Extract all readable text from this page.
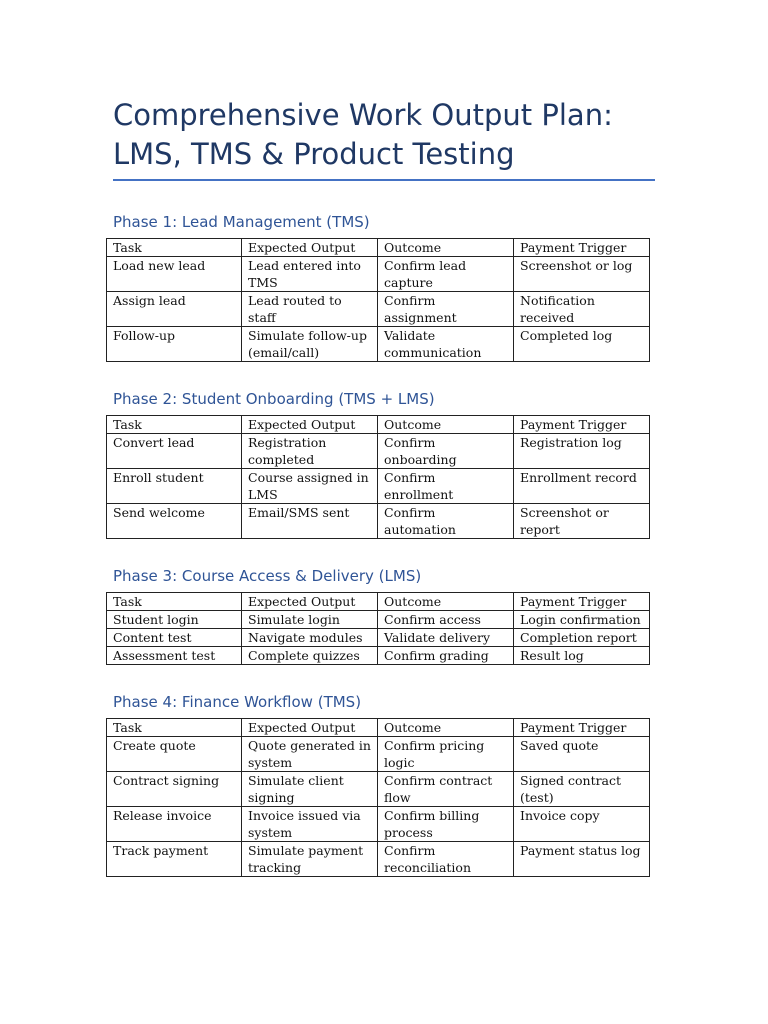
Comprehensive Work Output Plan:
LMS, TMS & Product Testing
Phase 1: Lead Management (TMS)
Task	Expected Output	Outcome	Payment Trigger
Load new lead	Lead entered into TMS	Confirm lead capture	Screenshot or log
Assign lead	Lead routed to staff	Confirm assignment	Notification received
Follow-up	Simulate follow-up (email/call)	Validate communication	Completed log
Phase 2: Student Onboarding (TMS + LMS)
Task	Expected Output	Outcome	Payment Trigger
Convert lead	Registration completed	Confirm onboarding	Registration log
Enroll student	Course assigned in LMS	Confirm enrollment	Enrollment record
Send welcome	Email/SMS sent	Confirm automation	Screenshot or report
Phase 3: Course Access & Delivery (LMS)
Task	Expected Output	Outcome	Payment Trigger
Student login	Simulate login	Confirm access	Login confirmation
Content test	Navigate modules	Validate delivery	Completion report
Assessment test	Complete quizzes	Confirm grading	Result log
Phase 4: Finance Workflow (TMS)
Task	Expected Output	Outcome	Payment Trigger
Create quote	Quote generated in system	Confirm pricing logic	Saved quote
Contract signing	Simulate client signing	Confirm contract flow	Signed contract (test)
Release invoice	Invoice issued via system	Confirm billing process	Invoice copy
Track payment	Simulate payment tracking	Confirm reconciliation	Payment status log
